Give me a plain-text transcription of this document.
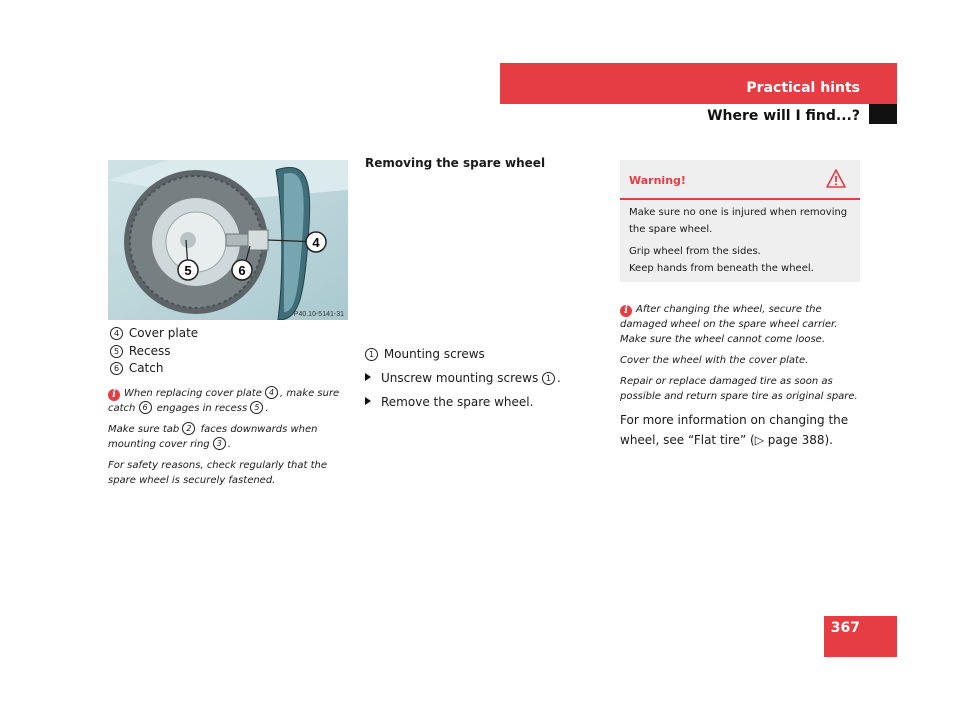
Practical hints
Where will I find...?
4
5	6
P40.10-5141-31
4 Cover plate
5 Recess
6 Catch

i When replacing cover plate 4 , make sure catch 6 engages in recess 5 .

Make sure tab 2 faces downwards when mounting cover ring 3 .

For safety reasons, check regularly that the spare wheel is securely fastened.

Removing the spare wheel
1 Mounting screws
Unscrew mounting screws 1 .
Remove the spare wheel.
Warning!

Make sure no one is injured when removing the spare wheel.

Grip wheel from the sides.

Keep hands from beneath the wheel.

i After changing the wheel, secure the damaged wheel on the spare wheel carrier. Make sure the wheel cannot come loose.

Cover the wheel with the cover plate.

Repair or replace damaged tire as soon as possible and return spare tire as original spare.

For more information on changing the wheel, see “Flat tire” (▷ page 388).
367
